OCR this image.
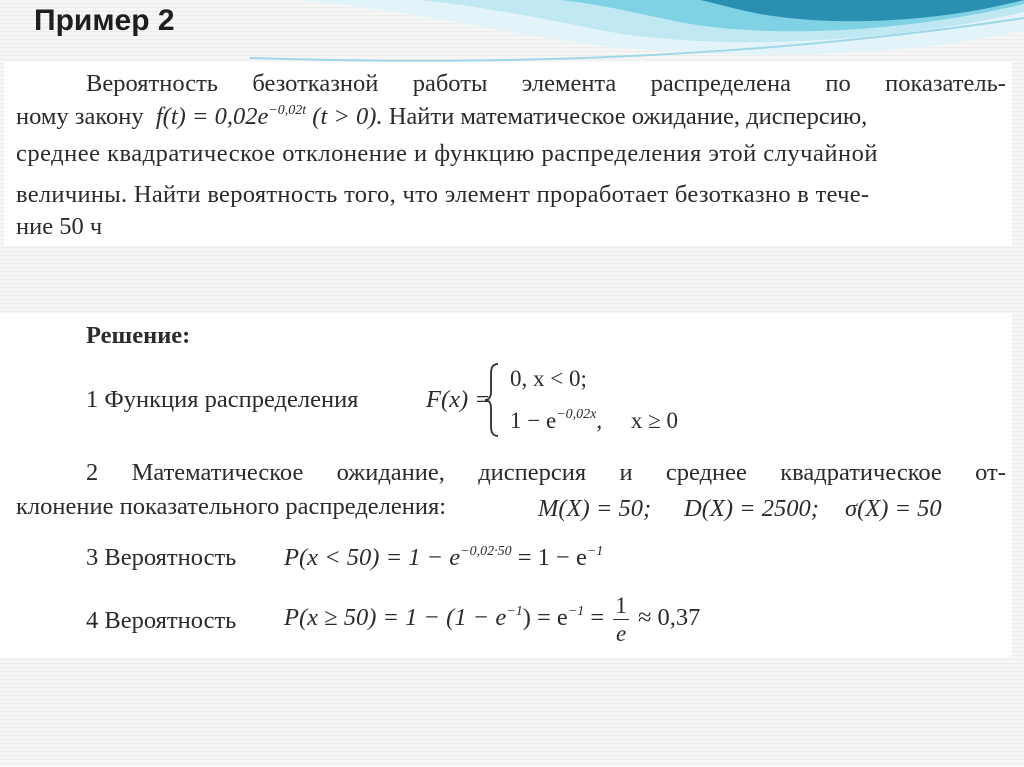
Пример 2
Вероятность безотказной работы элемента распределена по показатель-
ному закону $f(t) = 0,02e^{-0,02t}$ (t > 0). Найти математическое ожидание, дисперсию,
среднее квадратическое отклонение и функцию распределения этой случайной
величины. Найти вероятность того, что элемент проработает безотказно в тече-
ние 50 ч
Решение:
1 Функция распределения	F(x) =
0, x < 0;
$1 - e^{-0,02x}$,     x ≥ 0
2 Математическое ожидание, дисперсия и среднее квадратическое от-
клонение показательного распределения:	M(X) = 50; D(X) = 2500; σ(X) = 50
3 Вероятность $P(x < 50) = 1 - e^{-0,02\cdot 50} = 1 - e^{-1}$
4 Вероятность $P(x \ge 50) = 1 - (1 - e^{-1}) = e^{-1} = \frac{1}{e} \approx 0,37$
